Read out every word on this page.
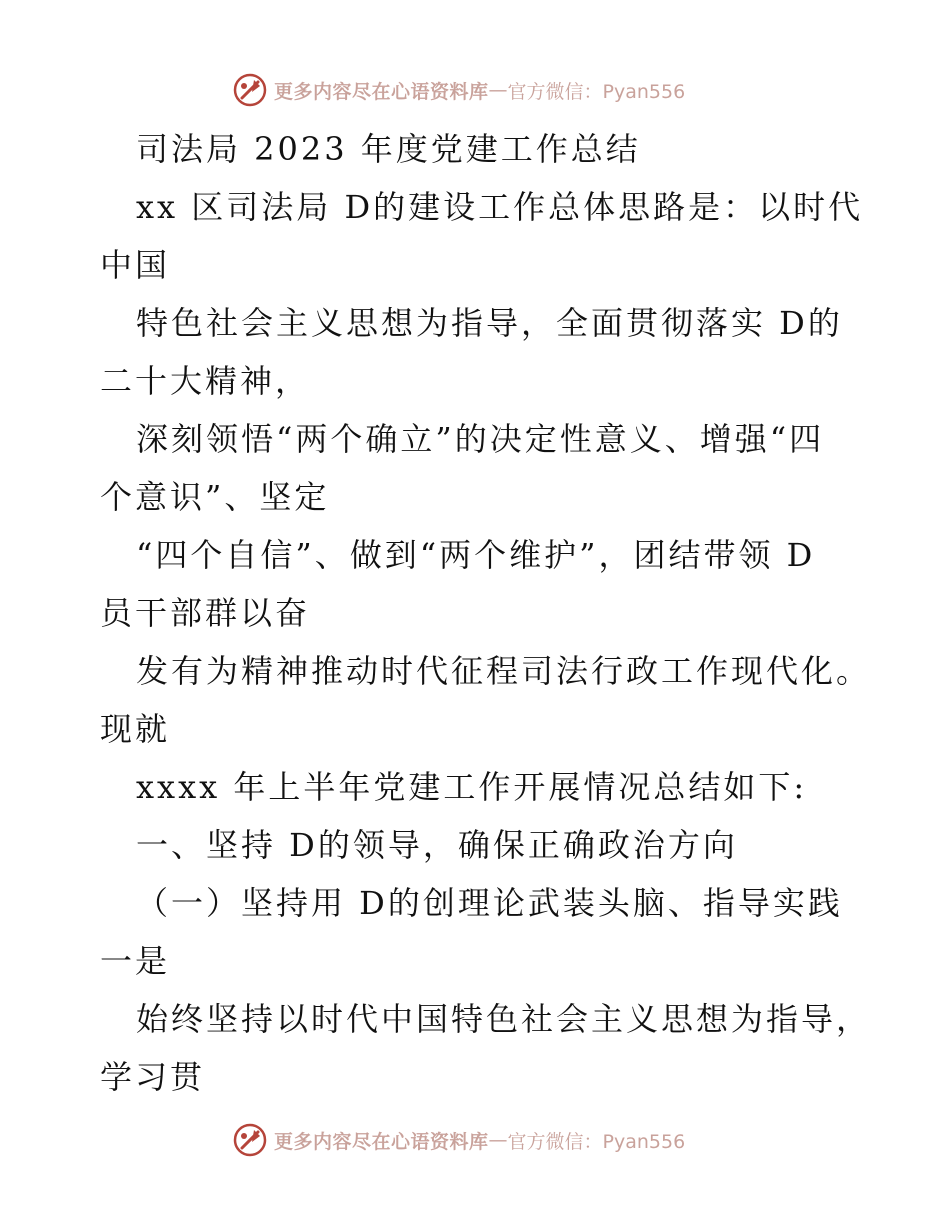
更多内容尽在心语资料库 — 官方微信：Pyan556
司法局 2023 年度党建工作总结
xx 区司法局 D的建设工作总体思路是：以时代
中国
特色社会主义思想为指导，全面贯彻落实 D的
二十大精神，
深刻领悟“两个确立”的决定性意义、增强“四
个意识”、坚定
“四个自信”、做到“两个维护”，团结带领 D
员干部群以奋
发有为精神推动时代征程司法行政工作现代化。
现就
xxxx 年上半年党建工作开展情况总结如下:
一、坚持 D的领导，确保正确政治方向
（一）坚持用 D的创理论武装头脑、指导实践
一是
始终坚持以时代中国特色社会主义思想为指导，
学习贯
更多内容尽在心语资料库 — 官方微信：Pyan556
